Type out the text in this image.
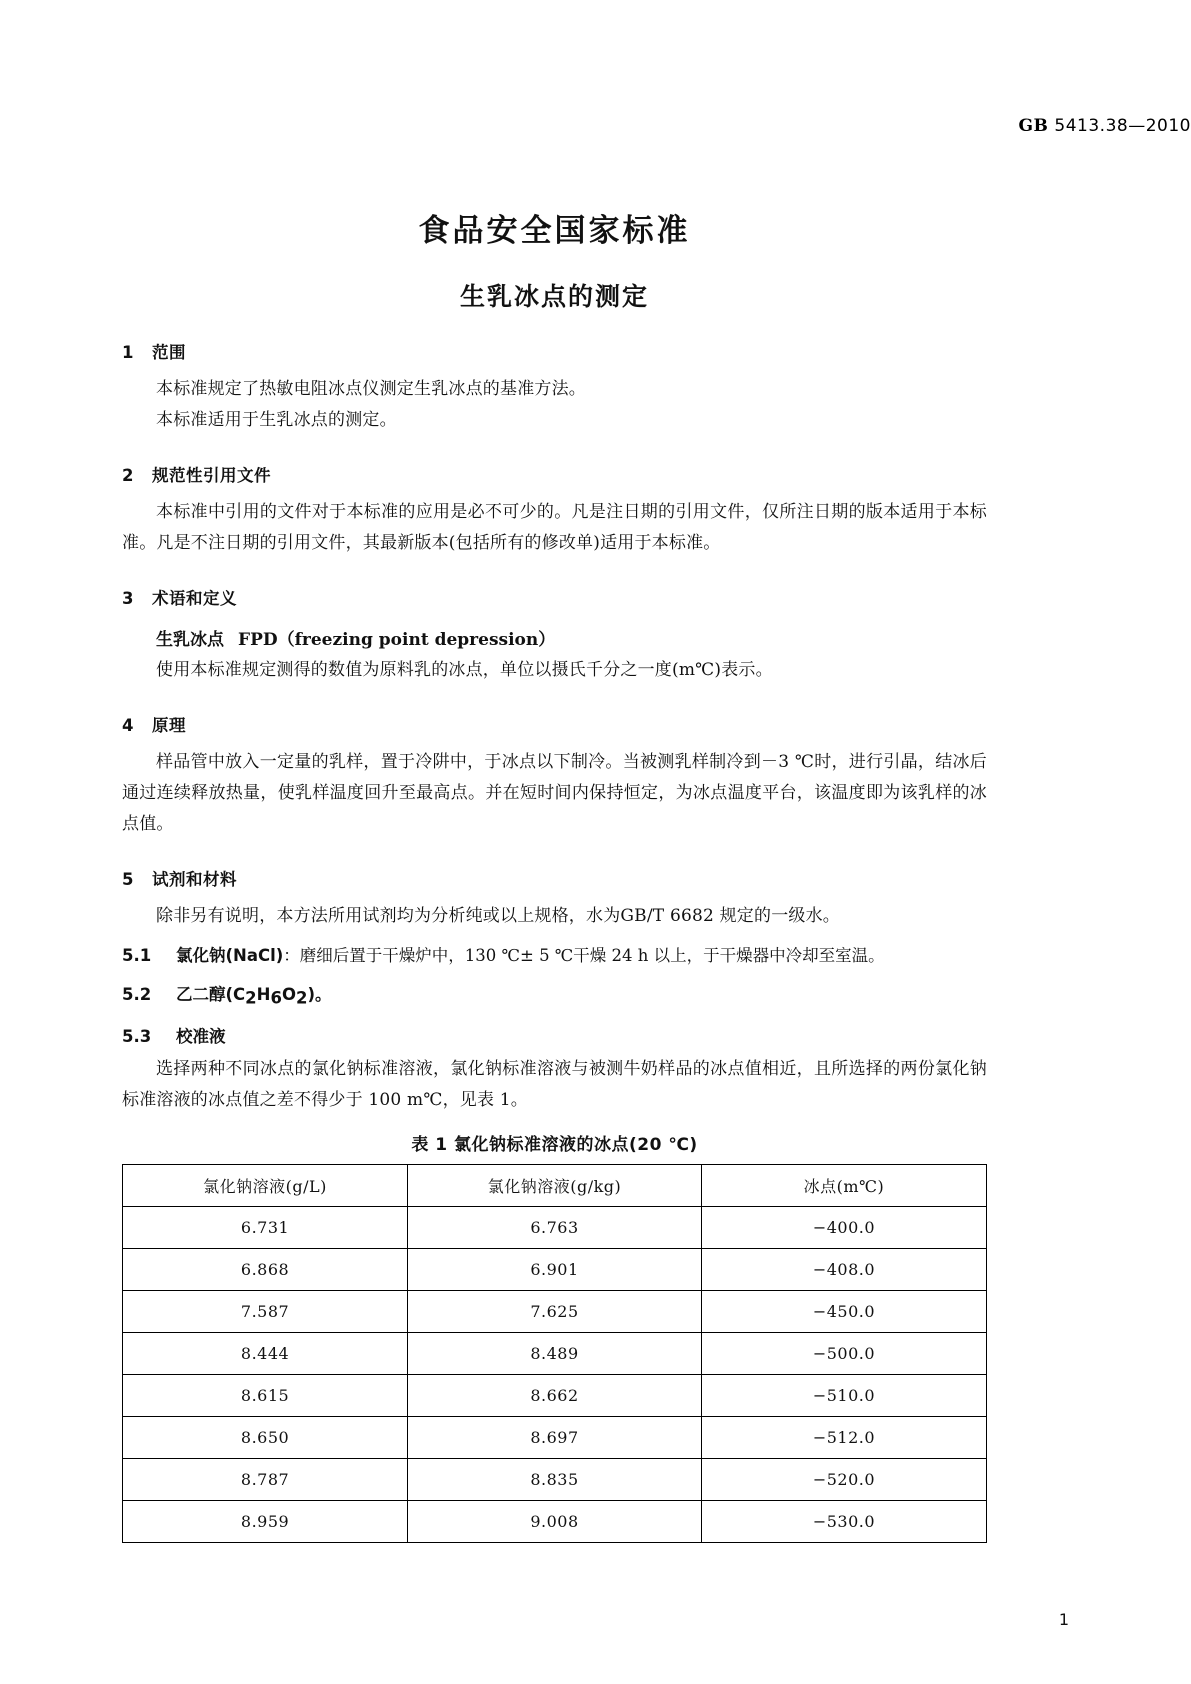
GB 5413.38—2010
食品安全国家标准
生乳冰点的测定
1 范围

本标准规定了热敏电阻冰点仪测定生乳冰点的基准方法。

本标准适用于生乳冰点的测定。

2 规范性引用文件

本标准中引用的文件对于本标准的应用是必不可少的。凡是注日期的引用文件，仅所注日期的版本适用于本标准。凡是不注日期的引用文件，其最新版本(包括所有的修改单)适用于本标准。

3 术语和定义
生乳冰点 FPD（freezing point depression）

使用本标准规定测得的数值为原料乳的冰点，单位以摄氏千分之一度(m℃)表示。

4 原理

样品管中放入一定量的乳样，置于冷阱中，于冰点以下制冷。当被测乳样制冷到－3 ℃时，进行引晶，结冰后通过连续释放热量，使乳样温度回升至最高点。并在短时间内保持恒定，为冰点温度平台，该温度即为该乳样的冰点值。

5 试剂和材料

除非另有说明，本方法所用试剂均为分析纯或以上规格，水为GB/T 6682 规定的一级水。

5.1 氯化钠(NaCl)：磨细后置于干燥炉中，130 ℃± 5 ℃干燥 24 h 以上，于干燥器中冷却至室温。
5.2 乙二醇$(C_2H_6O_2)$。
5.3 校准液

选择两种不同冰点的氯化钠标准溶液，氯化钠标准溶液与被测牛奶样品的冰点值相近，且所选择的两份氯化钠标准溶液的冰点值之差不得少于 100 m℃，见表 1。

表 1 氯化钠标准溶液的冰点(20 ℃)
氯化钠溶液(g/L)	氯化钠溶液(g/kg)	冰点(m℃)
6.731	6.763	−400.0
6.868	6.901	−408.0
7.587	7.625	−450.0
8.444	8.489	−500.0
8.615	8.662	−510.0
8.650	8.697	−512.0
8.787	8.835	−520.0
8.959	9.008	−530.0
1
